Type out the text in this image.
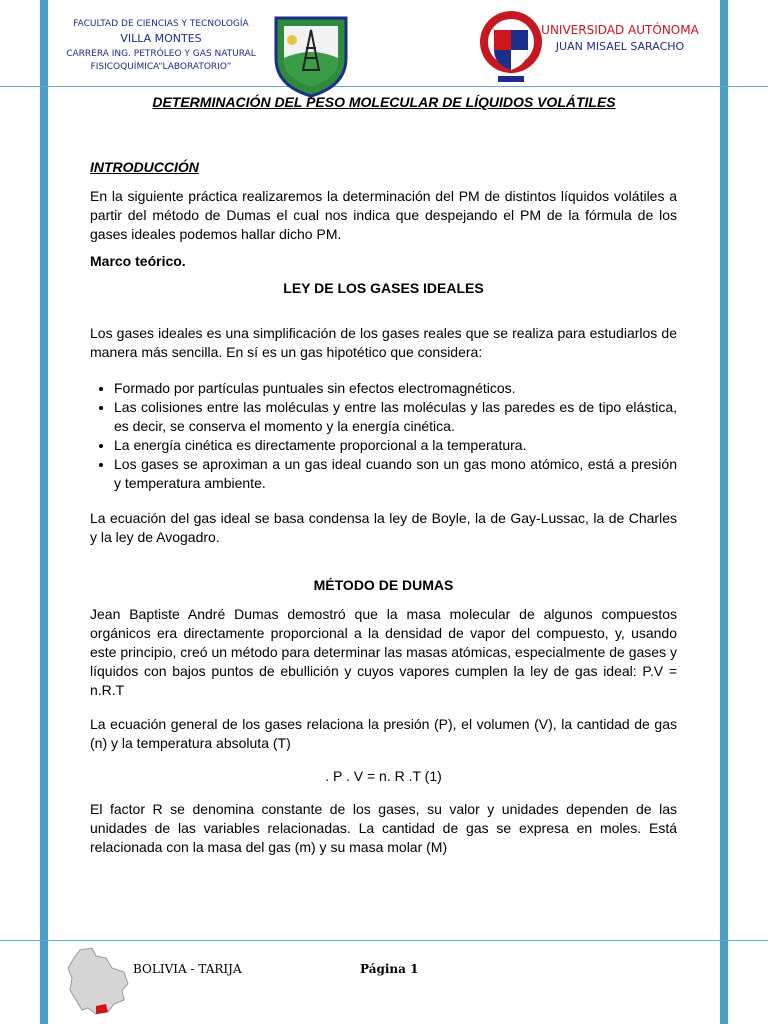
FACULTAD DE CIENCIAS Y TECNOLOGÍA
VILLA MONTES
CARRERA ING. PETRÓLEO Y GAS NATURAL
FISICOQUÍMICA“LABORATORIO”
UNIVERSIDAD AUTÓNOMA
JUAN MISAEL SARACHO
DETERMINACIÓN DEL PESO MOLECULAR DE LÍQUIDOS VOLÁTILES
INTRODUCCIÓN

En la siguiente práctica realizaremos la determinación del PM de distintos líquidos volátiles a partir del método de Dumas el cual nos indica que despejando el PM de la fórmula de los gases ideales podemos hallar dicho PM.

Marco teórico.

LEY DE LOS GASES IDEALES

Los gases ideales es una simplificación de los gases reales que se realiza para estudiarlos de manera más sencilla. En sí es un gas hipotético que considera:

• Formado por partículas puntuales sin efectos electromagnéticos.
• Las colisiones entre las moléculas y entre las moléculas y las paredes es de tipo elástica, es decir, se conserva el momento y la energía cinética.
• La energía cinética es directamente proporcional a la temperatura.
• Los gases se aproximan a un gas ideal cuando son un gas mono atómico, está a presión y temperatura ambiente.

La ecuación del gas ideal se basa condensa la ley de Boyle, la de Gay-Lussac, la de Charles y la ley de Avogadro.

MÉTODO DE DUMAS

Jean Baptiste André Dumas demostró que la masa molecular de algunos compuestos orgánicos era directamente proporcional a la densidad de vapor del compuesto, y, usando este principio, creó un método para determinar las masas atómicas, especialmente de gases y líquidos con bajos puntos de ebullición y cuyos vapores cumplen la ley de gas ideal: P.V = n.R.T

La ecuación general de los gases relaciona la presión (P), el volumen (V), la cantidad de gas (n) y la temperatura absoluta (T)

. P . V = n. R .T (1)

El factor R se denomina constante de los gases, su valor y unidades dependen de las unidades de las variables relacionadas. La cantidad de gas se expresa en moles. Está relacionada con la masa del gas (m) y su masa molar (M)

BOLIVIA - TARIJA	Página 1
